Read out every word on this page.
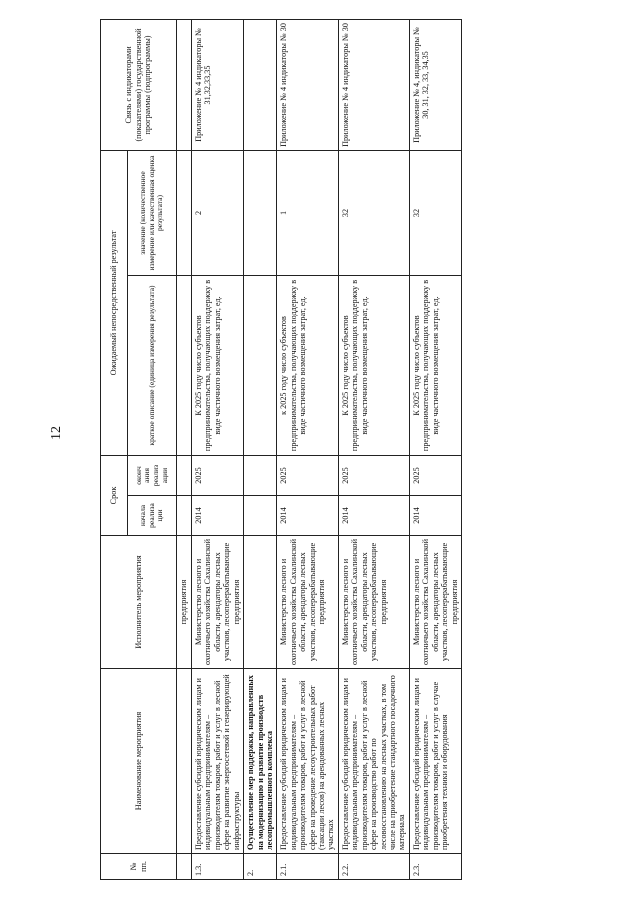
12
№ пп.	Наименование мероприятия	Исполнитель мероприятия	Срок		Ожидаемый непосредственный результат		Связь с индикаторами (показателями) государственной программы (подпрограммы)
			начала реализа ции	оконч ания реализ ации	краткое описание (единица измерения результата)	значение (количественное измерение или качественная оценка результата)	
		предприятия					
1.3.	Предоставление субсидий юридическим лицам и индивидуальным предпринимателям – производителям товаров, работ и услуг в лесной сфере на развитие энергосетевой и генерирующей инфраструктуры	Министерство лесного и охотничьего хозяйства Сахалинской области, арендаторы лесных участков, лесоперерабатывающие предприятия	2014	2025	К 2025 году число субъектов предпринимательства, получающих поддержку в виде частичного возмещения затрат, ед.	2	Приложение № 4 индикаторы № 31,32,33,35
2.	Осуществление мер поддержки, направленных на модернизацию и развитие производств лесопромышленного комплекса						
2.1.	Предоставление субсидий юридическим лицам и индивидуальным предпринимателям – производителям товаров, работ и услуг в лесной сфере на проведение лесоустроительных работ (таксации лесов) на арендованных лесных участках	Министерство лесного и охотничьего хозяйства Сахалинской области, арендаторы лесных участков, лесоперерабатывающие предприятия	2014	2025	к 2025 году число субъектов предпринимательства, получающих поддержку в виде частичного возмещения затрат, ед.	1	Приложение № 4 индикаторы № 30
2.2.	Предоставление субсидий юридическим лицам и индивидуальным предпринимателям – производителям товаров, работ и услуг в лесной сфере на производство работ по лесовосстановлению на лесных участках, в том числе на приобретение стандартного посадочного материала	Министерство лесного и охотничьего хозяйства Сахалинской области, арендаторы лесных участков, лесоперерабатывающие предприятия	2014	2025	К 2025 году число субъектов предпринимательства, получающих поддержку в виде частичного возмещения затрат, ед.	32	Приложение № 4 индикаторы № 30
2.3.	Предоставление субсидий юридическим лицам и индивидуальным предпринимателям – производителям товаров, работ и услуг в случае приобретения техники и оборудования	Министерство лесного и охотничьего хозяйства Сахалинской области, арендаторы лесных участков, лесоперерабатывающие предприятия	2014	2025	К 2025 году число субъектов предпринимательства, получающих поддержку в виде частичного возмещения затрат, ед.	32	Приложение № 4, индикаторы № 30, 31, 32, 33, 34,35
